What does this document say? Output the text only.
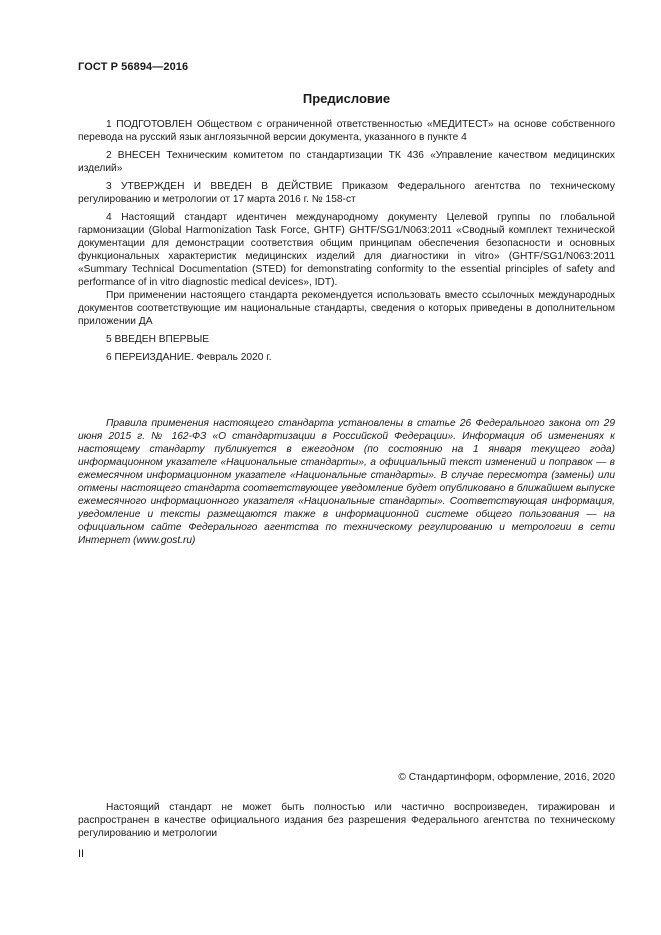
ГОСТ Р 56894—2016
Предисловие

1 ПОДГОТОВЛЕН Обществом с ограниченной ответственностью «МЕДИТЕСТ» на основе собственного перевода на русский язык англоязычной версии документа, указанного в пункте 4

2 ВНЕСЕН Техническим комитетом по стандартизации ТК 436 «Управление качеством медицинских изделий»

3 УТВЕРЖДЕН И ВВЕДЕН В ДЕЙСТВИЕ Приказом Федерального агентства по техническому регулированию и метрологии от 17 марта 2016 г. № 158-ст

4 Настоящий стандарт идентичен международному документу Целевой группы по глобальной гармонизации (Global Harmonization Task Force, GHTF) GHTF/SG1/N063:2011 «Сводный комплект технической документации для демонстрации соответствия общим принципам обеспечения безопасности и основных функциональных характеристик медицинских изделий для диагностики in vitro» (GHTF/SG1/N063:2011 «Summary Technical Documentation (STED) for demonstrating conformity to the essential principles of safety and performance of in vitro diagnostic medical devices», IDT).

При применении настоящего стандарта рекомендуется использовать вместо ссылочных международных документов соответствующие им национальные стандарты, сведения о которых приведены в дополнительном приложении ДА

5 ВВЕДЕН ВПЕРВЫЕ

6 ПЕРЕИЗДАНИЕ. Февраль 2020 г.

Правила применения настоящего стандарта установлены в статье 26 Федерального закона от 29 июня 2015 г. № 162-ФЗ «О стандартизации в Российской Федерации». Информация об изменениях к настоящему стандарту публикуется в ежегодном (по состоянию на 1 января текущего года) информационном указателе «Национальные стандарты», а официальный текст изменений и поправок — в ежемесячном информационном указателе «Национальные стандарты». В случае пересмотра (замены) или отмены настоящего стандарта соответствующее уведомление будет опубликовано в ближайшем выпуске ежемесячного информационного указателя «Национальные стандарты». Соответствующая информация, уведомление и тексты размещаются также в информационной системе общего пользования — на официальном сайте Федерального агентства по техническому регулированию и метрологии в сети Интернет (www.gost.ru)

© Стандартинформ, оформление, 2016, 2020

Настоящий стандарт не может быть полностью или частично воспроизведен, тиражирован и распространен в качестве официального издания без разрешения Федерального агентства по техническому регулированию и метрологии

II
